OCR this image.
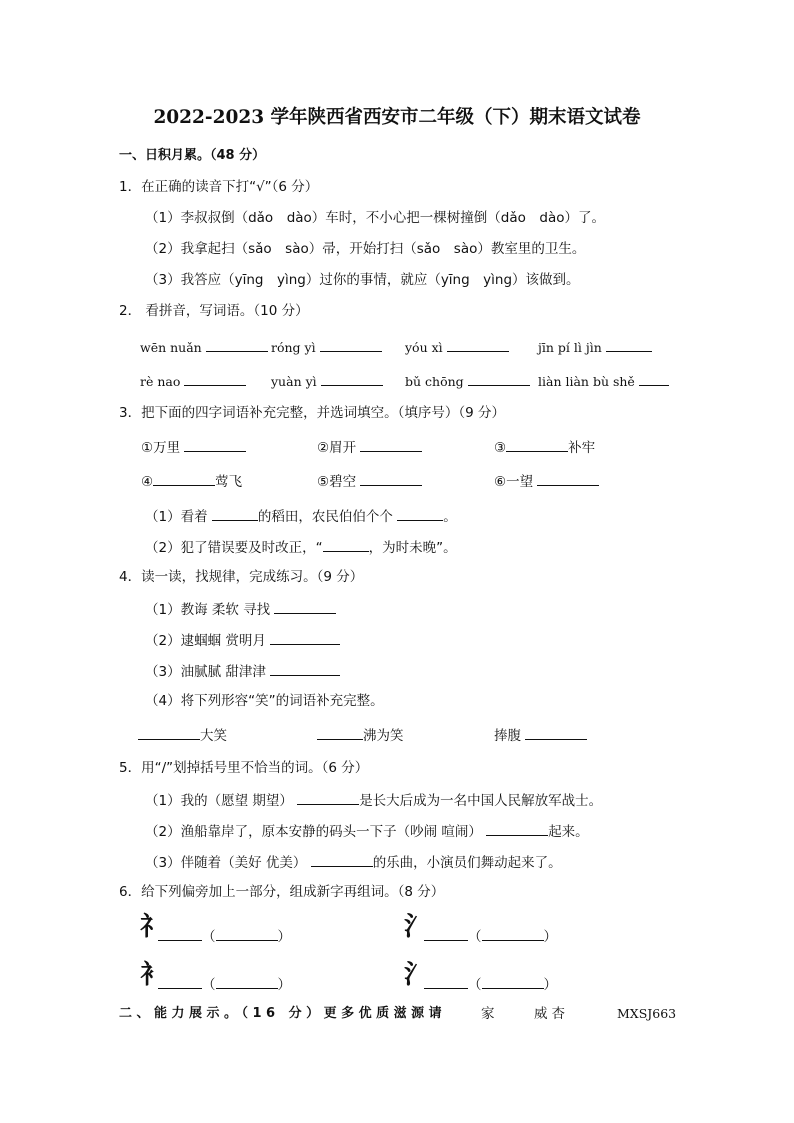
2022-2023 学年陕西省西安市二年级（下）期末语文试卷
一、日积月累。（48 分）
1．在正确的读音下打“√”（6 分）
（1）李叔叔倒（dǎo　dào）车时，不小心把一棵树撞倒（dǎo　dào）了。
（2）我拿起扫（sǎo　sào）帚，开始打扫（sǎo　sào）教室里的卫生。
（3）我答应（yīng　yìng）过你的事情，就应（yīng　yìng）该做到。
2． 看拼音，写词语。（10 分）
wēn nuǎn	róng yì	yóu xì	jīn pí lì jìn
rè nao	yuàn yì	bǔ chōng	liàn liàn bù shě
3．把下面的四字词语补充完整，并选词填空。（填序号）（9 分）
①万里	②眉开	③	补牢
④	莺飞	⑤碧空	⑥一望
（1）看着	的稻田，农民伯伯个个	。
（2）犯了错误要及时改正，“	，为时未晚”。
4．读一读，找规律，完成练习。（9 分）
（1）教诲 柔软 寻找
（2）逮蝈蝈 赏明月
（3）油腻腻 甜津津
（4）将下列形容“笑”的词语补充完整。
大笑	沸为笑	捧腹
5．用“/”划掉括号里不恰当的词。（6 分）
（1）我的（愿望 期望）	是长大后成为一名中国人民解放军战士。
（2）渔船靠岸了，原本安静的码头一下子（吵闹 喧闹）	起来。
（3）伴随着（美好 优美）	的乐曲，小演员们舞动起来了。
6．给下列偏旁加上一部分，组成新字再组词。（8 分）
礻	（	）	氵	（	）
衤	（	）	氵	（	）
二、能力展示。（16 分）更多优质滋源请	家	威杏	MXSJ663
